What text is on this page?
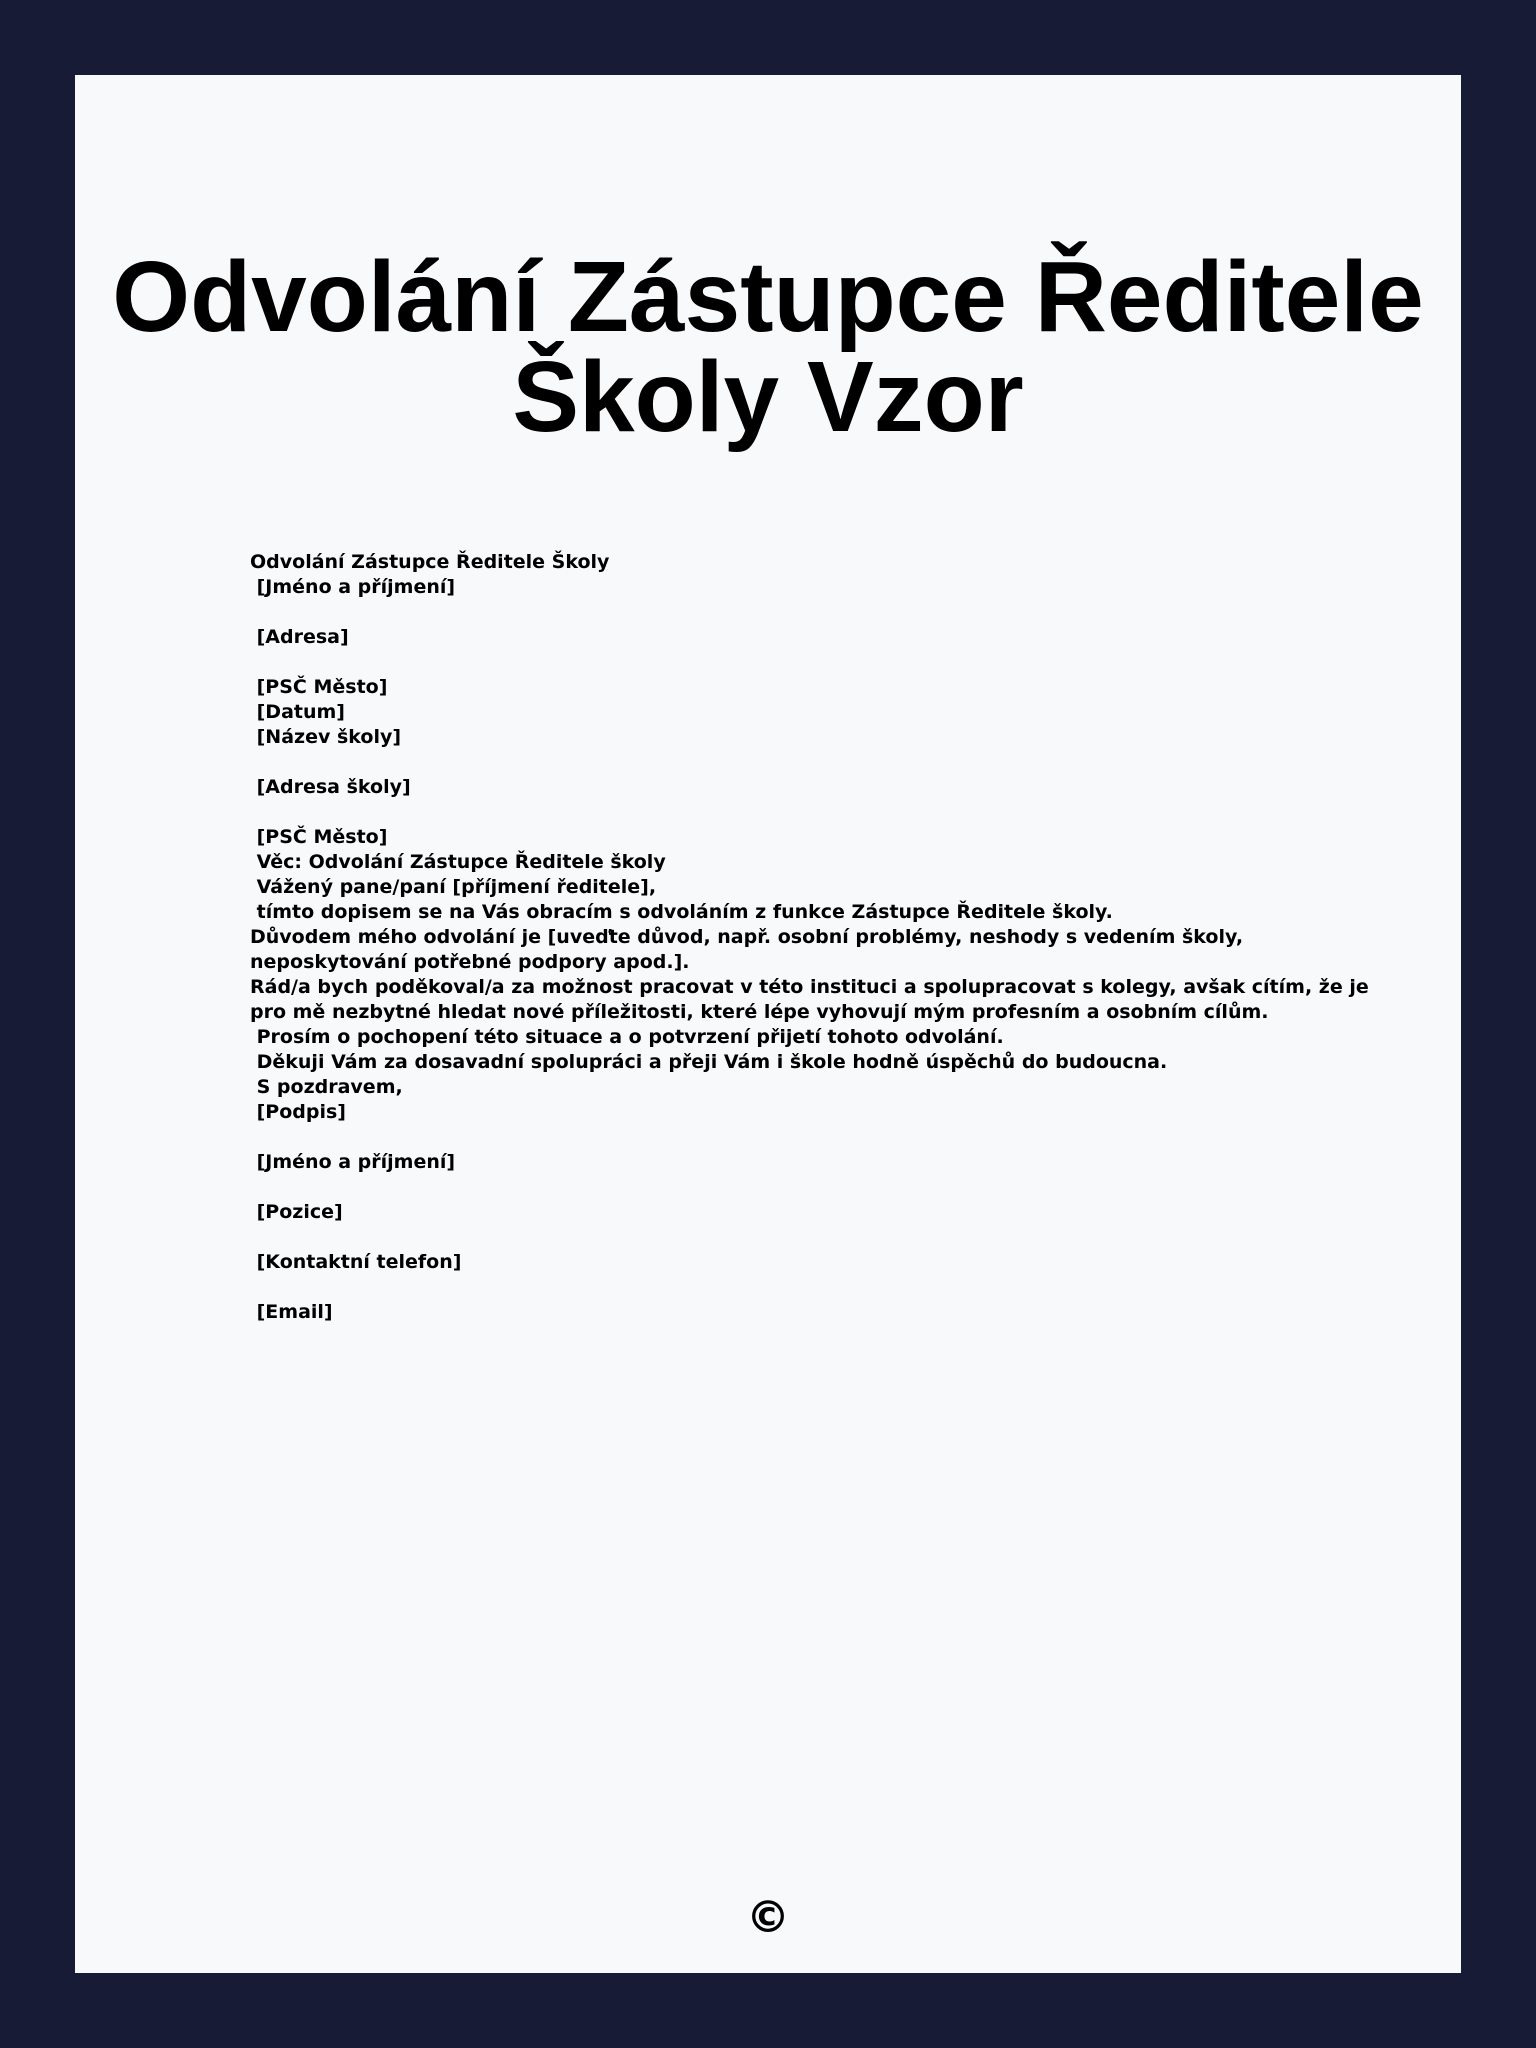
Odvolání Zástupce Ředitele
Školy Vzor
Odvolání Zástupce Ředitele Školy
[Jméno a příjmení]
[Adresa]
[PSČ Město]
[Datum]
[Název školy]
[Adresa školy]
[PSČ Město]
Věc: Odvolání Zástupce Ředitele školy
Vážený pane/paní [příjmení ředitele],
tímto dopisem se na Vás obracím s odvoláním z funkce Zástupce Ředitele školy.
Důvodem mého odvolání je [uveďte důvod, např. osobní problémy, neshody s vedením školy,
neposkytování potřebné podpory apod.].
Rád/a bych poděkoval/a za možnost pracovat v této instituci a spolupracovat s kolegy, avšak cítím, že je
pro mě nezbytné hledat nové příležitosti, které lépe vyhovují mým profesním a osobním cílům.
Prosím o pochopení této situace a o potvrzení přijetí tohoto odvolání.
Děkuji Vám za dosavadní spolupráci a přeji Vám i škole hodně úspěchů do budoucna.
S pozdravem,
[Podpis]
[Jméno a příjmení]
[Pozice]
[Kontaktní telefon]
[Email]
©
